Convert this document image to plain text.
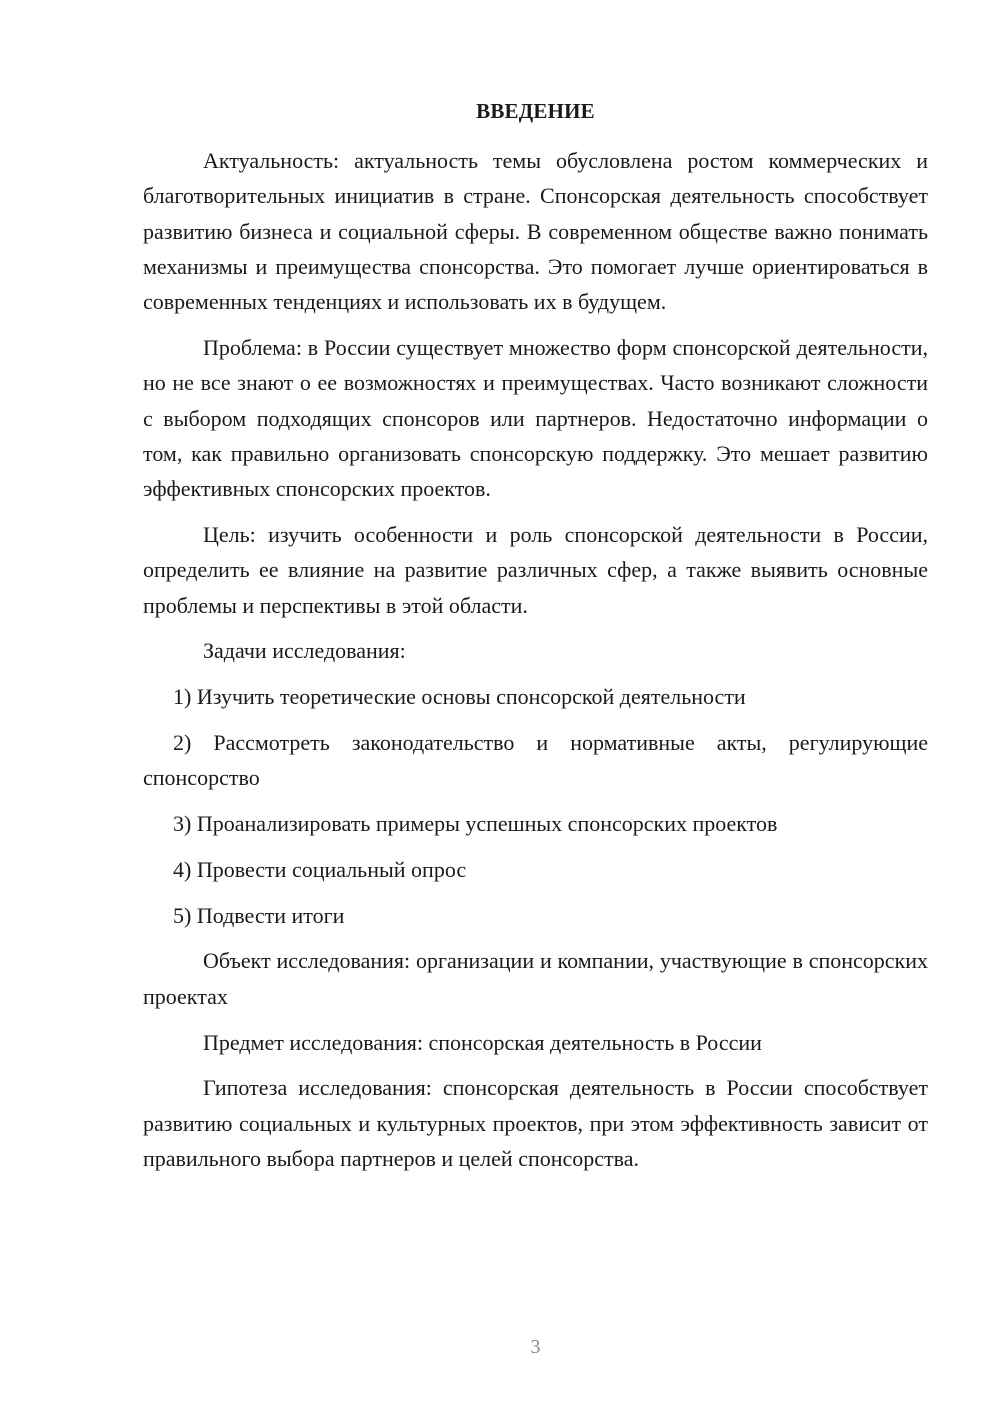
ВВЕДЕНИЕ

Актуальность: актуальность темы обусловлена ростом коммерческих и благотворительных инициатив в стране. Спонсорская деятельность способствует развитию бизнеса и социальной сферы. В современном обществе важно понимать механизмы и преимущества спонсорства. Это помогает лучше ориентироваться в современных тенденциях и использовать их в будущем.

Проблема: в России существует множество форм спонсорской деятельности, но не все знают о ее возможностях и преимуществах. Часто возникают сложности с выбором подходящих спонсоров или партнеров. Недостаточно информации о том, как правильно организовать спонсорскую поддержку. Это мешает развитию эффективных спонсорских проектов.

Цель: изучить особенности и роль спонсорской деятельности в России, определить ее влияние на развитие различных сфер, а также выявить основные проблемы и перспективы в этой области.

Задачи исследования:

1) Изучить теоретические основы спонсорской деятельности

2) Рассмотреть законодательство и нормативные акты, регулирующие спонсорство

3) Проанализировать примеры успешных спонсорских проектов

4) Провести социальный опрос

5) Подвести итоги

Объект исследования: организации и компании, участвующие в спонсорских проектах

Предмет исследования: спонсорская деятельность в России

Гипотеза исследования: спонсорская деятельность в России способствует развитию социальных и культурных проектов, при этом эффективность зависит от правильного выбора партнеров и целей спонсорства.

3
